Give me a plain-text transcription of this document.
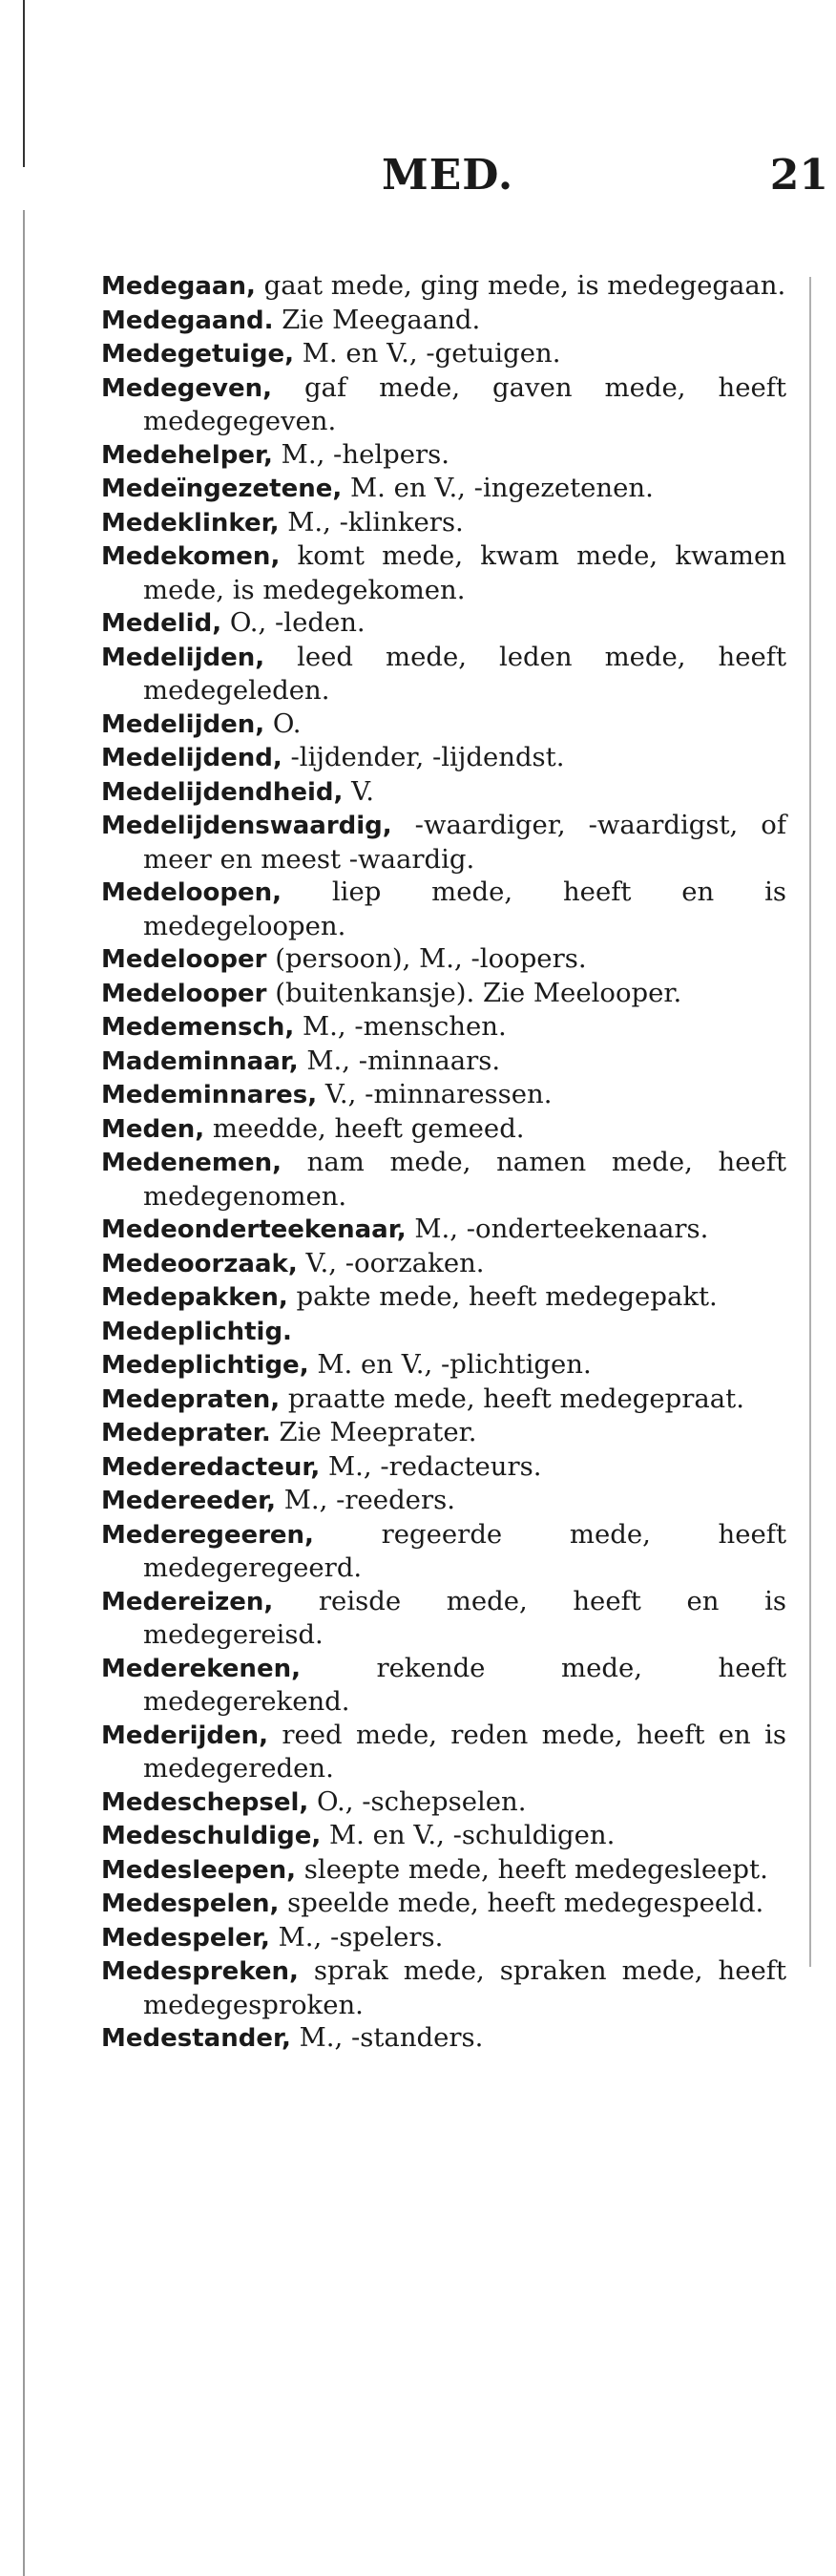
MED.	21
Medegaan, gaat mede, ging mede, is medegegaan.
Medegaand. Zie Meegaand.
Medegetuige, M. en V., -getuigen.
Medegeven, gaf mede, gaven mede, heeft medegegeven.
Medehelper, M., -helpers.
Medeïngezetene, M. en V., -ingezetenen.
Medeklinker, M., -klinkers.
Medekomen, komt mede, kwam mede, kwamen mede, is medegekomen.
Medelid, O., -leden.
Medelijden, leed mede, leden mede, heeft medegeleden.
Medelijden, O.
Medelijdend, -lijdender, -lijdendst.
Medelijdendheid, V.
Medelijdenswaardig, -waardiger, -waardigst, of meer en meest -waardig.
Medeloopen, liep mede, heeft en is medegeloopen.
Medelooper (persoon), M., -loopers.
Medelooper (buitenkansje). Zie Meelooper.
Medemensch, M., -menschen.
Mademinnaar, M., -minnaars.
Medeminnares, V., -minnaressen.
Meden, meedde, heeft gemeed.
Medenemen, nam mede, namen mede, heeft medegenomen.
Medeonderteekenaar, M., -onderteekenaars.
Medeoorzaak, V., -oorzaken.
Medepakken, pakte mede, heeft medegepakt.
Medeplichtig.
Medeplichtige, M. en V., -plichtigen.
Medepraten, praatte mede, heeft medegepraat.
Medeprater. Zie Meeprater.
Mederedacteur, M., -redacteurs.
Medereeder, M., -reeders.
Mederegeeren, regeerde mede, heeft medegeregeerd.
Medereizen, reisde mede, heeft en is medegereisd.
Mederekenen, rekende mede, heeft medegerekend.
Mederijden, reed mede, reden mede, heeft en is medegereden.
Medeschepsel, O., -schepselen.
Medeschuldige, M. en V., -schuldigen.
Medesleepen, sleepte mede, heeft medegesleept.
Medespelen, speelde mede, heeft medegespeeld.
Medespeler, M., -spelers.
Medespreken, sprak mede, spraken mede, heeft medegesproken.
Medestander, M., -standers.
